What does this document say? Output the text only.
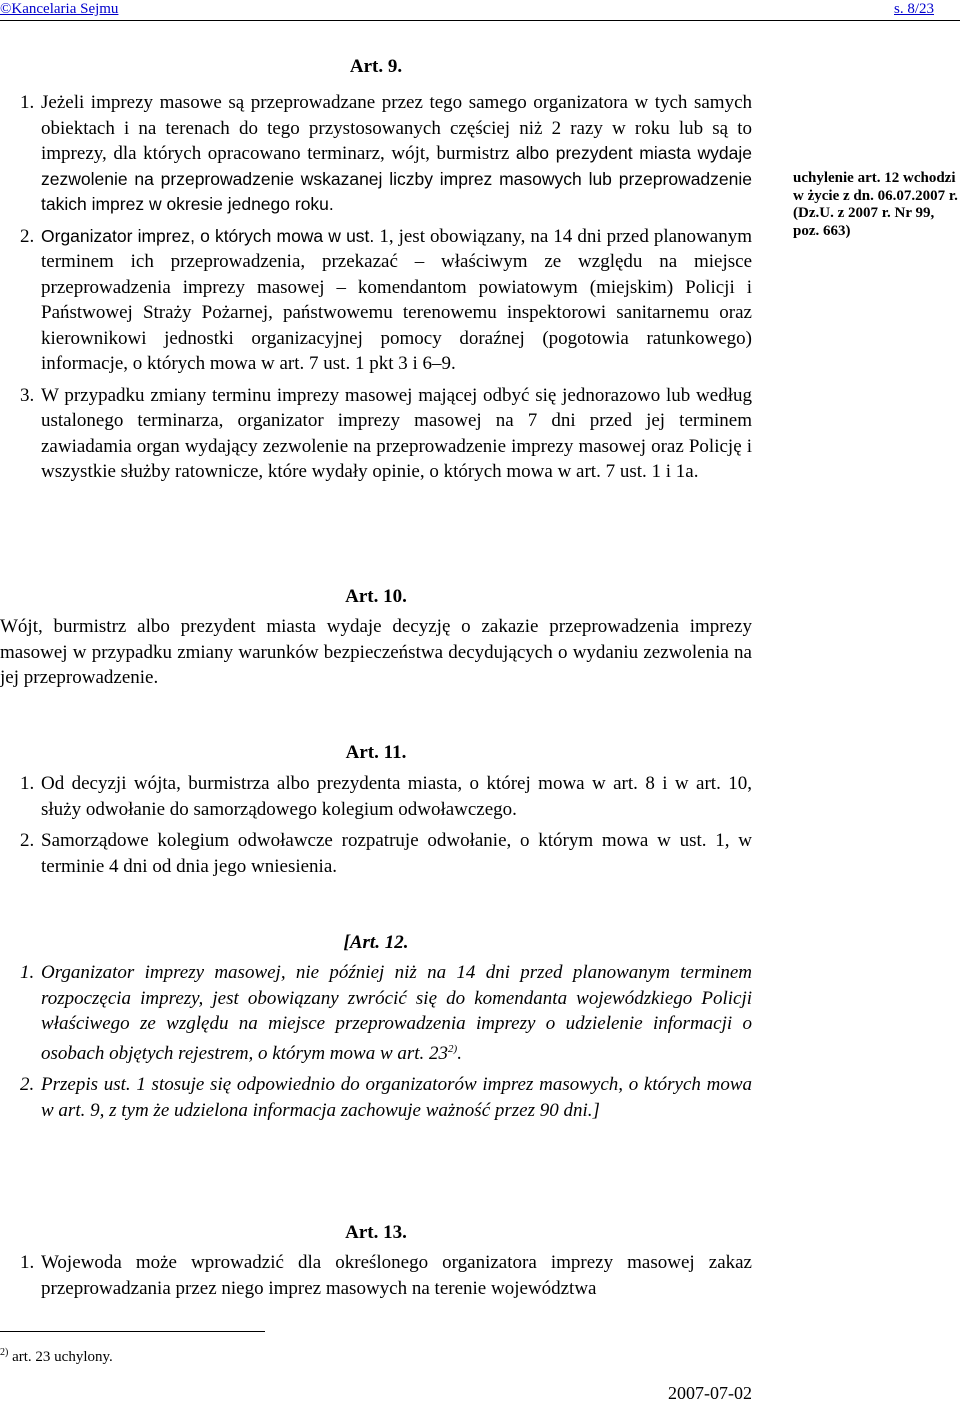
©Kancelaria Sejmu	s. 8/23
Art. 9.

1. Jeżeli imprezy masowe są przeprowadzane przez tego samego organizatora w tych samych obiektach i na terenach do tego przystosowanych częściej niż 2 razy w roku lub są to imprezy, dla których opracowano terminarz, wójt, burmistrz albo prezydent miasta wydaje zezwolenie na przeprowadzenie wskazanej liczby imprez masowych lub przeprowadzenie takich imprez w okresie jednego roku.

2. Organizator imprez, o których mowa w ust. 1, jest obowiązany, na 14 dni przed planowanym terminem ich przeprowadzenia, przekazać – właściwym ze względu na miejsce przeprowadzenia imprezy masowej – komendantom powiatowym (miejskim) Policji i Państwowej Straży Pożarnej, państwowemu terenowemu inspektorowi sanitarnemu oraz kierownikowi jednostki organizacyjnej pomocy doraźnej (pogotowia ratunkowego) informacje, o których mowa w art. 7 ust. 1 pkt 3 i 6–9.

3. W przypadku zmiany terminu imprezy masowej mającej odbyć się jednorazowo lub według ustalonego terminarza, organizator imprezy masowej na 7 dni przed jej terminem zawiadamia organ wydający zezwolenie na przeprowadzenie imprezy masowej oraz Policję i wszystkie służby ratownicze, które wydały opinie, o których mowa w art. 7 ust. 1 i 1a.

uchylenie art. 12 wchodzi w życie z dn. 06.07.2007 r. (Dz.U. z 2007 r. Nr 99, poz. 663)
Art. 10.

Wójt, burmistrz albo prezydent miasta wydaje decyzję o zakazie przeprowadzenia imprezy masowej w przypadku zmiany warunków bezpieczeństwa decydujących o wydaniu zezwolenia na jej przeprowadzenie.

Art. 11.

1. Od decyzji wójta, burmistrza albo prezydenta miasta, o której mowa w art. 8 i w art. 10, służy odwołanie do samorządowego kolegium odwoławczego.

2. Samorządowe kolegium odwoławcze rozpatruje odwołanie, o którym mowa w ust. 1, w terminie 4 dni od dnia jego wniesienia.

[Art. 12.

1. Organizator imprezy masowej, nie później niż na 14 dni przed planowanym terminem rozpoczęcia imprezy, jest obowiązany zwrócić się do komendanta wojewódzkiego Policji właściwego ze względu na miejsce przeprowadzenia imprezy o udzielenie informacji o osobach objętych rejestrem, o którym mowa w art. 23$^{2)}$.

2. Przepis ust. 1 stosuje się odpowiednio do organizatorów imprez masowych, o których mowa w art. 9, z tym że udzielona informacja zachowuje ważność przez 90 dni.]

Art. 13.

1. Wojewoda może wprowadzić dla określonego organizatora imprezy masowej zakaz przeprowadzania przez niego imprez masowych na terenie województwa

$^{2)}$ art. 23 uchylony.
2007-07-02
